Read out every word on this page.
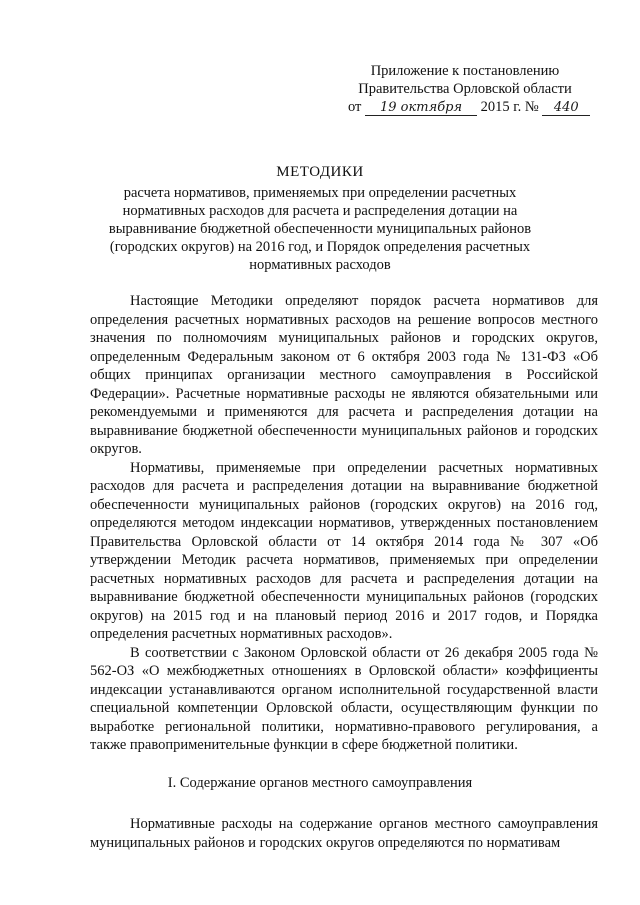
Приложение к постановлению
Правительства Орловской области
от 19 октября 2015 г. № 440
МЕТОДИКИ
расчета нормативов, применяемых при определении расчетных нормативных расходов для расчета и распределения дотации на выравнивание бюджетной обеспеченности муниципальных районов (городских округов) на 2016 год, и Порядок определения расчетных нормативных расходов

Настоящие Методики определяют порядок расчета нормативов для определения расчетных нормативных расходов на решение вопросов местного значения по полномочиям муниципальных районов и городских округов, определенным Федеральным законом от 6 октября 2003 года № 131-ФЗ «Об общих принципах организации местного самоуправления в Российской Федерации». Расчетные нормативные расходы не являются обязательными или рекомендуемыми и применяются для расчета и распределения дотации на выравнивание бюджетной обеспеченности муниципальных районов и городских округов.

Нормативы, применяемые при определении расчетных нормативных расходов для расчета и распределения дотации на выравнивание бюджетной обеспеченности муниципальных районов (городских округов) на 2016 год, определяются методом индексации нормативов, утвержденных постановлением Правительства Орловской области от 14 октября 2014 года № 307 «Об утверждении Методик расчета нормативов, применяемых при определении расчетных нормативных расходов для расчета и распределения дотации на выравнивание бюджетной обеспеченности муниципальных районов (городских округов) на 2015 год и на плановый период 2016 и 2017 годов, и Порядка определения расчетных нормативных расходов».

В соответствии с Законом Орловской области от 26 декабря 2005 года № 562-ОЗ «О межбюджетных отношениях в Орловской области» коэффициенты индексации устанавливаются органом исполнительной государственной власти специальной компетенции Орловской области, осуществляющим функции по выработке региональной политики, нормативно-правового регулирования, а также правоприменительные функции в сфере бюджетной политики.

I. Содержание органов местного самоуправления

Нормативные расходы на содержание органов местного самоуправления муниципальных районов и городских округов определяются по нормативам
